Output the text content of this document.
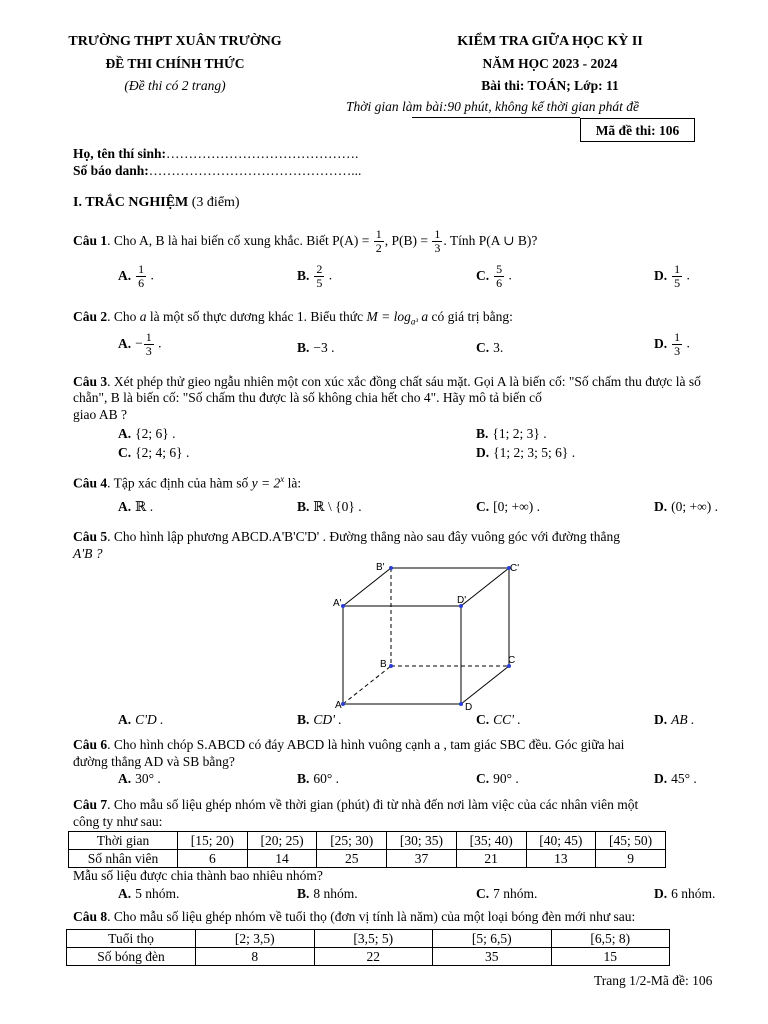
TRƯỜNG THPT XUÂN TRƯỜNG
ĐỀ THI CHÍNH THỨC
(Đề thi có 2 trang)
KIỂM TRA GIỮA HỌC KỲ II
NĂM HỌC 2023 - 2024
Bài thi: TOÁN; Lớp: 11
Thời gian làm bài:90 phút, không kể thời gian phát đề
Mã đề thi: 106
Họ, tên thí sinh:…………………………………….
Số báo danh:………………………………………...
I. TRẮC NGHIỆM (3 điểm)
Câu 1. Cho A, B là hai biến cố xung khắc. Biết $P(A) = \frac{1}{2}$ , $P(B) = \frac{1}{3}$ . Tính P(A ∪ B)?
A. $\frac{1}{6}$ .	B. $\frac{2}{5}$ .	C. $\frac{5}{6}$ .	D. $\frac{1}{5}$ .
Câu 2. Cho a là một số thực dương khác 1. Biểu thức $M = \log_{a^3} a$ có giá trị bằng:
A. − $\frac{1}{3}$ .	B. −3 .	C. 3.	D. $\frac{1}{3}$ .
Câu 3. Xét phép thử gieo ngẫu nhiên một con xúc xắc đồng chất sáu mặt. Gọi A là biến cố: "Số chấm thu được là số chẵn", B là biến cố: "Số chấm thu được là số không chia hết cho 4". Hãy mô tả biến cố
giao AB ?
A. {2; 6} .	B. {1; 2; 3} .
C. {2; 4; 6} .	D. {1; 2; 3; 5; 6} .
Câu 4. Tập xác định của hàm số $y = 2^x$ là:
A. ℝ .	B. ℝ \ {0} .	C. [0; +∞) .	D. (0; +∞) .
Câu 5. Cho hình lập phương ABCD.A'B'C'D' . Đường thẳng nào sau đây vuông góc với đường thẳng
A'B ?
A'
A
D'
D
B'	C'
B	C
A. C'D .	B. CD' .	C. CC' .	D. AB .
Câu 6. Cho hình chóp S.ABCD có đáy ABCD là hình vuông cạnh a , tam giác SBC đều. Góc giữa hai
đường thẳng AD và SB bằng?
A. 30° .	B. 60° .	C. 90° .	D. 45° .
Câu 7. Cho mẫu số liệu ghép nhóm về thời gian (phút) đi từ nhà đến nơi làm việc của các nhân viên một
công ty như sau:
Thời gian	[15; 20)	[20; 25)	[25; 30)	[30; 35)	[35; 40)	[40; 45)	[45; 50)
Số nhân viên	6	14	25	37	21	13	9
Mẫu số liệu được chia thành bao nhiêu nhóm?
A. 5 nhóm.	B. 8 nhóm.	C. 7 nhóm.	D. 6 nhóm.
Câu 8. Cho mẫu số liệu ghép nhóm về tuổi thọ (đơn vị tính là năm) của một loại bóng đèn mới như sau:
Tuổi thọ	[2; 3,5)	[3,5; 5)	[5; 6,5)	[6,5; 8)
Số bóng đèn	8	22	35	15
Trang 1/2-Mã đề: 106
